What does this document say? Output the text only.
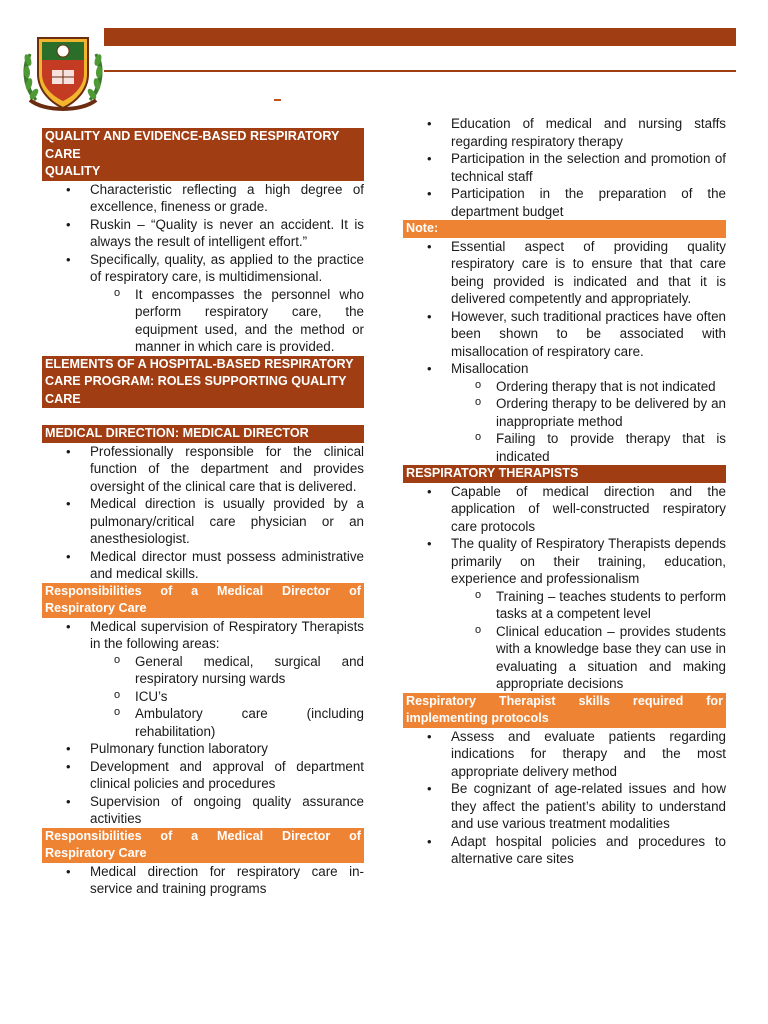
QUALITY AND EVIDENCE-BASED RESPIRATORY CARE
QUALITY
• Characteristic reflecting a high degree of excellence, fineness or grade.
• Ruskin – “Quality is never an accident. It is always the result of intelligent effort.”
• Specifically, quality, as applied to the practice of respiratory care, is multidimensional.
o It encompasses the personnel who perform respiratory care, the equipment used, and the method or manner in which care is provided.
ELEMENTS OF A HOSPITAL-BASED RESPIRATORY CARE PROGRAM: ROLES SUPPORTING QUALITY CARE
MEDICAL DIRECTION: MEDICAL DIRECTOR
• Professionally responsible for the clinical function of the department and provides oversight of the clinical care that is delivered.
• Medical direction is usually provided by a pulmonary/critical care physician or an anesthesiologist.
• Medical director must possess administrative and medical skills.
Responsibilities of a Medical Director of
Respiratory Care
• Medical supervision of Respiratory Therapists in the following areas:
o General medical, surgical and respiratory nursing wards
o ICU’s
o Ambulatory care (including rehabilitation)
• Pulmonary function laboratory
• Development and approval of department clinical policies and procedures
• Supervision of ongoing quality assurance activities
Responsibilities of a Medical Director of
Respiratory Care
• Medical direction for respiratory care in-service and training programs
• Education of medical and nursing staffs regarding respiratory therapy
• Participation in the selection and promotion of technical staff
• Participation in the preparation of the department budget
Note:
• Essential aspect of providing quality respiratory care is to ensure that that care being provided is indicated and that it is delivered competently and appropriately.
• However, such traditional practices have often been shown to be associated with misallocation of respiratory care.
• Misallocation
o Ordering therapy that is not indicated
o Ordering therapy to be delivered by an inappropriate method
o Failing to provide therapy that is indicated
RESPIRATORY THERAPISTS
• Capable of medical direction and the application of well-constructed respiratory care protocols
• The quality of Respiratory Therapists depends primarily on their training, education, experience and professionalism
o Training – teaches students to perform tasks at a competent level
o Clinical education – provides students with a knowledge base they can use in evaluating a situation and making appropriate decisions
Respiratory Therapist skills required for
implementing protocols
• Assess and evaluate patients regarding indications for therapy and the most appropriate delivery method
• Be cognizant of age-related issues and how they affect the patient’s ability to understand and use various treatment modalities
• Adapt hospital policies and procedures to alternative care sites
